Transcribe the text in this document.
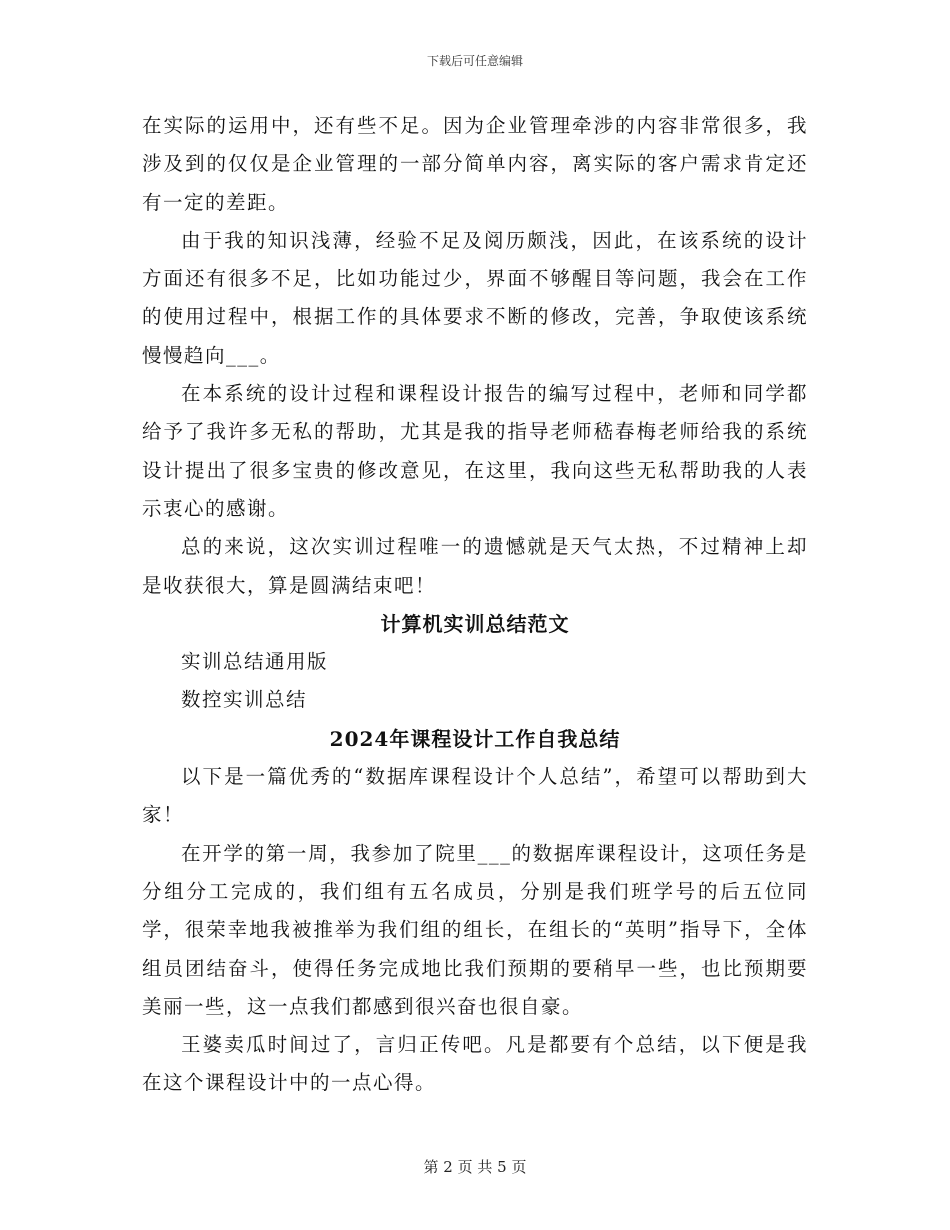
下载后可任意编辑

在实际的运用中，还有些不足。因为企业管理牵涉的内容非常很多，我涉及到的仅仅是企业管理的一部分简单内容，离实际的客户需求肯定还有一定的差距。

由于我的知识浅薄，经验不足及阅历颇浅，因此，在该系统的设计方面还有很多不足，比如功能过少，界面不够醒目等问题，我会在工作的使用过程中，根据工作的具体要求不断的修改，完善，争取使该系统慢慢趋向___。

在本系统的设计过程和课程设计报告的编写过程中，老师和同学都给予了我许多无私的帮助，尤其是我的指导老师嵇春梅老师给我的系统设计提出了很多宝贵的修改意见，在这里，我向这些无私帮助我的人表示衷心的感谢。

总的来说，这次实训过程唯一的遗憾就是天气太热，不过精神上却是收获很大，算是圆满结束吧！

计算机实训总结范文

实训总结通用版

数控实训总结

2024年课程设计工作自我总结

以下是一篇优秀的“数据库课程设计个人总结”，希望可以帮助到大家！

在开学的第一周，我参加了院里___的数据库课程设计，这项任务是分组分工完成的，我们组有五名成员，分别是我们班学号的后五位同学，很荣幸地我被推举为我们组的组长，在组长的“英明”指导下，全体组员团结奋斗，使得任务完成地比我们预期的要稍早一些，也比预期要美丽一些，这一点我们都感到很兴奋也很自豪。

王婆卖瓜时间过了，言归正传吧。凡是都要有个总结，以下便是我在这个课程设计中的一点心得。

第 2 页 共 5 页
